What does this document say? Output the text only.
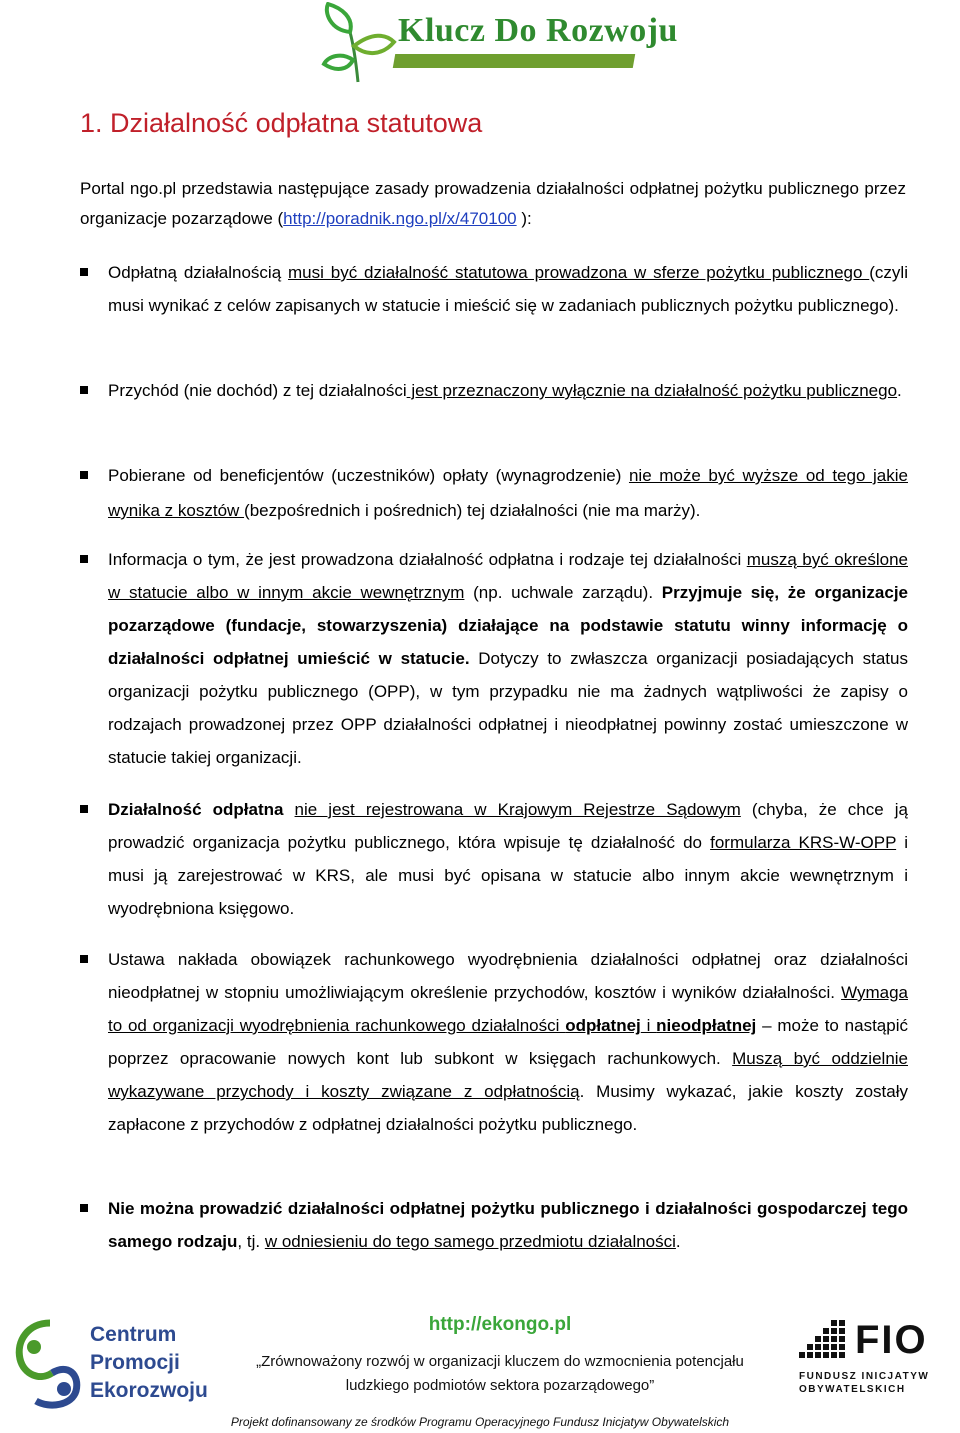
Klucz Do Rozwoju
1. Działalność odpłatna statutowa
Portal ngo.pl przedstawia następujące zasady prowadzenia działalności odpłatnej pożytku publicznego przez organizacje pozarządowe (http://poradnik.ngo.pl/x/470100 ):
Odpłatną działalnością musi być działalność statutowa prowadzona w sferze pożytku publicznego (czyli musi wynikać z celów zapisanych w statucie i mieścić się w zadaniach publicznych pożytku publicznego).
Przychód (nie dochód) z tej działalności jest przeznaczony wyłącznie na działalność pożytku publicznego.
Pobierane od beneficjentów (uczestników) opłaty (wynagrodzenie) nie może być wyższe od tego jakie wynika z kosztów (bezpośrednich i pośrednich) tej działalności (nie ma marży).
Informacja o tym, że jest prowadzona działalność odpłatna i rodzaje tej działalności muszą być określone w statucie albo w innym akcie wewnętrznym (np. uchwale zarządu). Przyjmuje się, że organizacje pozarządowe (fundacje, stowarzyszenia) działające na podstawie statutu winny informację o działalności odpłatnej umieścić w statucie. Dotyczy to zwłaszcza organizacji posiadających status organizacji pożytku publicznego (OPP), w tym przypadku nie ma żadnych wątpliwości że zapisy o rodzajach prowadzonej przez OPP działalności odpłatnej i nieodpłatnej powinny zostać umieszczone w statucie takiej organizacji.
Działalność odpłatna nie jest rejestrowana w Krajowym Rejestrze Sądowym (chyba, że chce ją prowadzić organizacja pożytku publicznego, która wpisuje tę działalność do formularza KRS-W-OPP i musi ją zarejestrować w KRS, ale musi być opisana w statucie albo innym akcie wewnętrznym i wyodrębniona księgowo.
Ustawa nakłada obowiązek rachunkowego wyodrębnienia działalności odpłatnej oraz działalności nieodpłatnej w stopniu umożliwiającym określenie przychodów, kosztów i wyników działalności. Wymaga to od organizacji wyodrębnienia rachunkowego działalności odpłatnej i nieodpłatnej – może to nastąpić poprzez opracowanie nowych kont lub subkont w księgach rachunkowych. Muszą być oddzielnie wykazywane przychody i koszty związane z odpłatnością. Musimy wykazać, jakie koszty zostały zapłacone z przychodów z odpłatnej działalności pożytku publicznego.
Nie można prowadzić działalności odpłatnej pożytku publicznego i działalności gospodarczej tego samego rodzaju, tj. w odniesieniu do tego samego przedmiotu działalności.
Centrum
Promocji
Ekorozwoju
http://ekongo.pl
„Zrównoważony rozwój w organizacji kluczem do wzmocnienia potencjału ludzkiego podmiotów sektora pozarządowego”
FIO
FUNDUSZ INICJATYW
OBYWATELSKICH
Projekt dofinansowany ze środków Programu Operacyjnego Fundusz Inicjatyw Obywatelskich
